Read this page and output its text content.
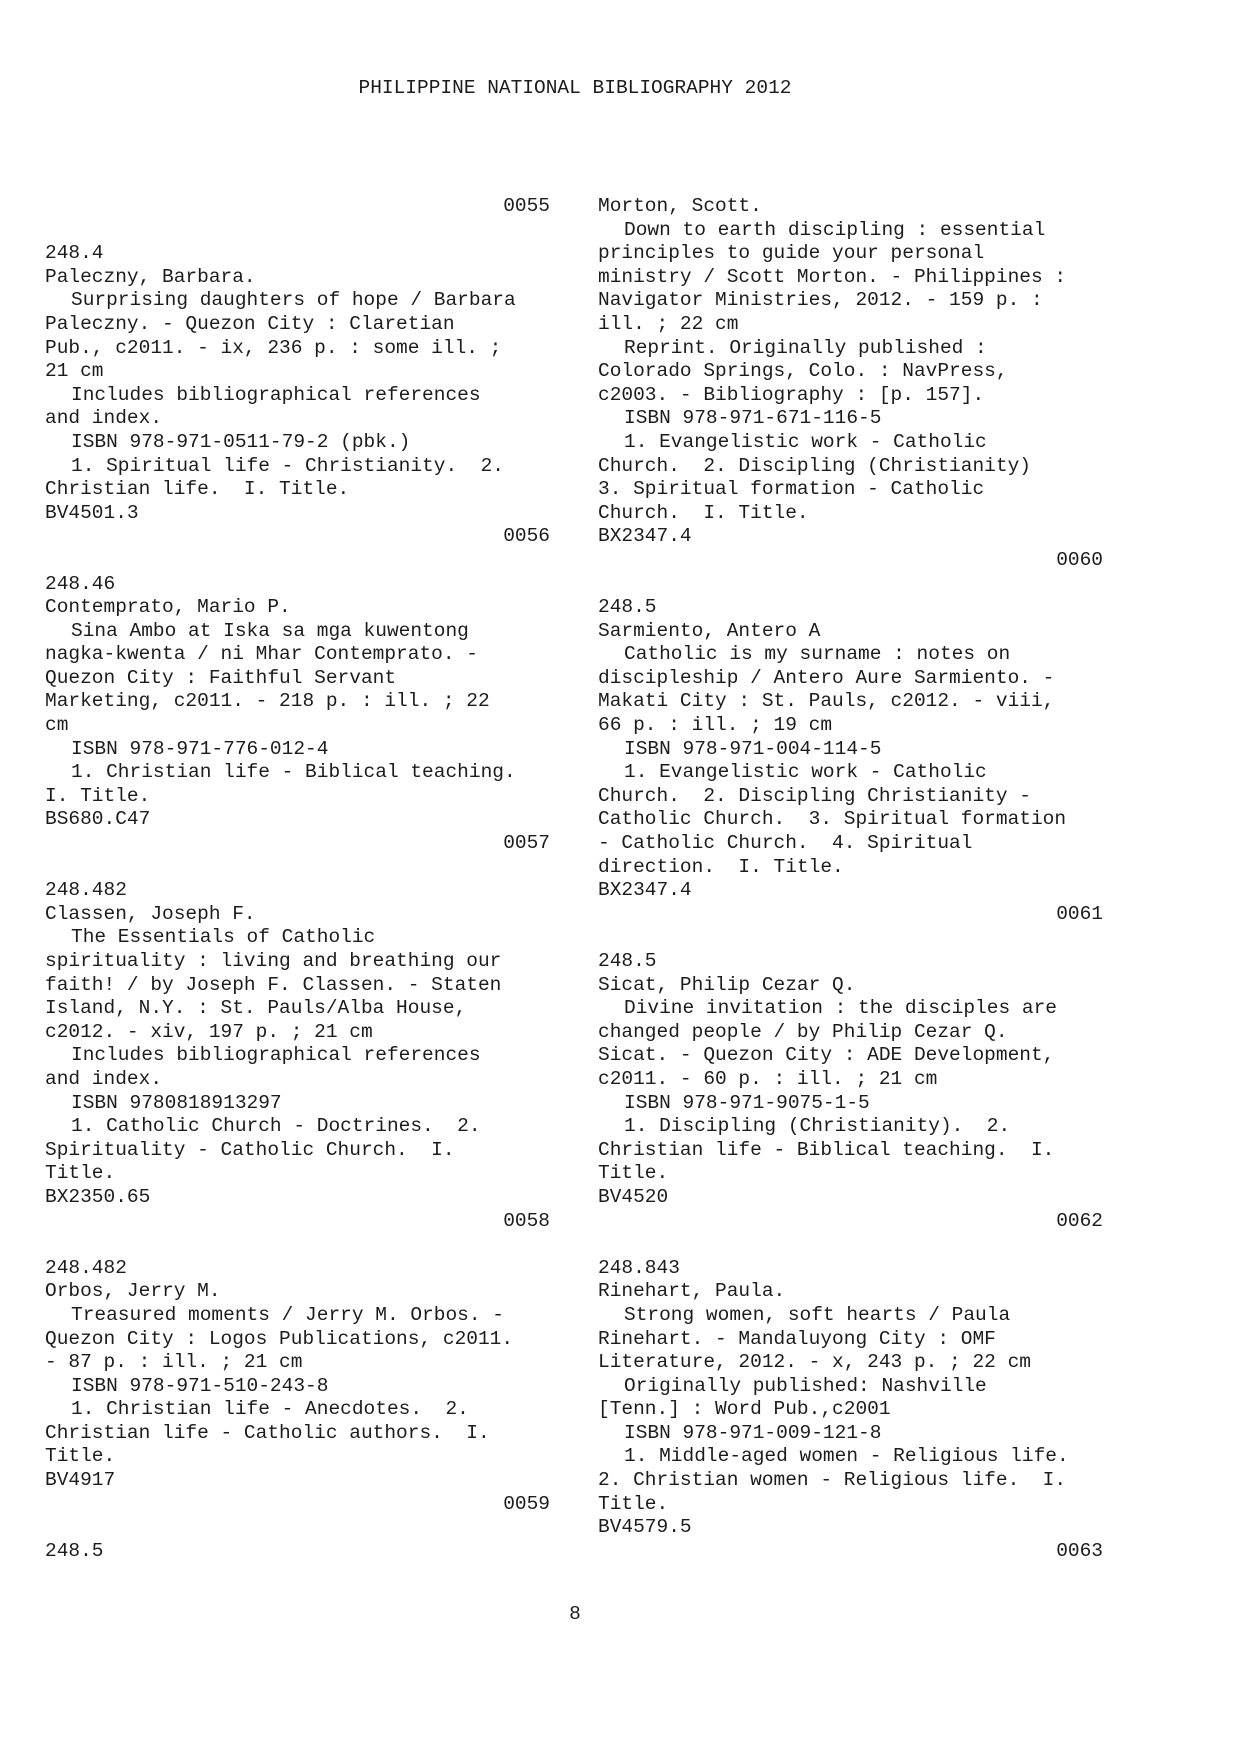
PHILIPPINE NATIONAL BIBLIOGRAPHY 2012
0055
248.4
Paleczny, Barbara.
Surprising daughters of hope / Barbara
Paleczny. - Quezon City : Claretian
Pub., c2011. - ix, 236 p. : some ill. ;
21 cm
Includes bibliographical references
and index.
ISBN 978-971-0511-79-2 (pbk.)
1. Spiritual life - Christianity.  2.
Christian life.  I. Title.
BV4501.3
0056
248.46
Contemprato, Mario P.
Sina Ambo at Iska sa mga kuwentong
nagka-kwenta / ni Mhar Contemprato. -
Quezon City : Faithful Servant
Marketing, c2011. - 218 p. : ill. ; 22
cm
ISBN 978-971-776-012-4
1. Christian life - Biblical teaching.
I. Title.
BS680.C47
0057
248.482
Classen, Joseph F.
The Essentials of Catholic
spirituality : living and breathing our
faith! / by Joseph F. Classen. - Staten
Island, N.Y. : St. Pauls/Alba House,
c2012. - xiv, 197 p. ; 21 cm
Includes bibliographical references
and index.
ISBN 9780818913297
1. Catholic Church - Doctrines.  2.
Spirituality - Catholic Church.  I.
Title.
BX2350.65
0058
248.482
Orbos, Jerry M.
Treasured moments / Jerry M. Orbos. -
Quezon City : Logos Publications, c2011.
- 87 p. : ill. ; 21 cm
ISBN 978-971-510-243-8
1. Christian life - Anecdotes.  2.
Christian life - Catholic authors.  I.
Title.
BV4917
0059
248.5
Morton, Scott.
Down to earth discipling : essential
principles to guide your personal
ministry / Scott Morton. - Philippines :
Navigator Ministries, 2012. - 159 p. :
ill. ; 22 cm
Reprint. Originally published :
Colorado Springs, Colo. : NavPress,
c2003. - Bibliography : [p. 157].
ISBN 978-971-671-116-5
1. Evangelistic work - Catholic
Church.  2. Discipling (Christianity)
3. Spiritual formation - Catholic
Church.  I. Title.
BX2347.4
0060
248.5
Sarmiento, Antero A
Catholic is my surname : notes on
discipleship / Antero Aure Sarmiento. -
Makati City : St. Pauls, c2012. - viii,
66 p. : ill. ; 19 cm
ISBN 978-971-004-114-5
1. Evangelistic work - Catholic
Church.  2. Discipling Christianity -
Catholic Church.  3. Spiritual formation
- Catholic Church.  4. Spiritual
direction.  I. Title.
BX2347.4
0061
248.5
Sicat, Philip Cezar Q.
Divine invitation : the disciples are
changed people / by Philip Cezar Q.
Sicat. - Quezon City : ADE Development,
c2011. - 60 p. : ill. ; 21 cm
ISBN 978-971-9075-1-5
1. Discipling (Christianity).  2.
Christian life - Biblical teaching.  I.
Title.
BV4520
0062
248.843
Rinehart, Paula.
Strong women, soft hearts / Paula
Rinehart. - Mandaluyong City : OMF
Literature, 2012. - x, 243 p. ; 22 cm
Originally published: Nashville
[Tenn.] : Word Pub.,c2001
ISBN 978-971-009-121-8
1. Middle-aged women - Religious life.
2. Christian women - Religious life.  I.
Title.
BV4579.5
0063
8
